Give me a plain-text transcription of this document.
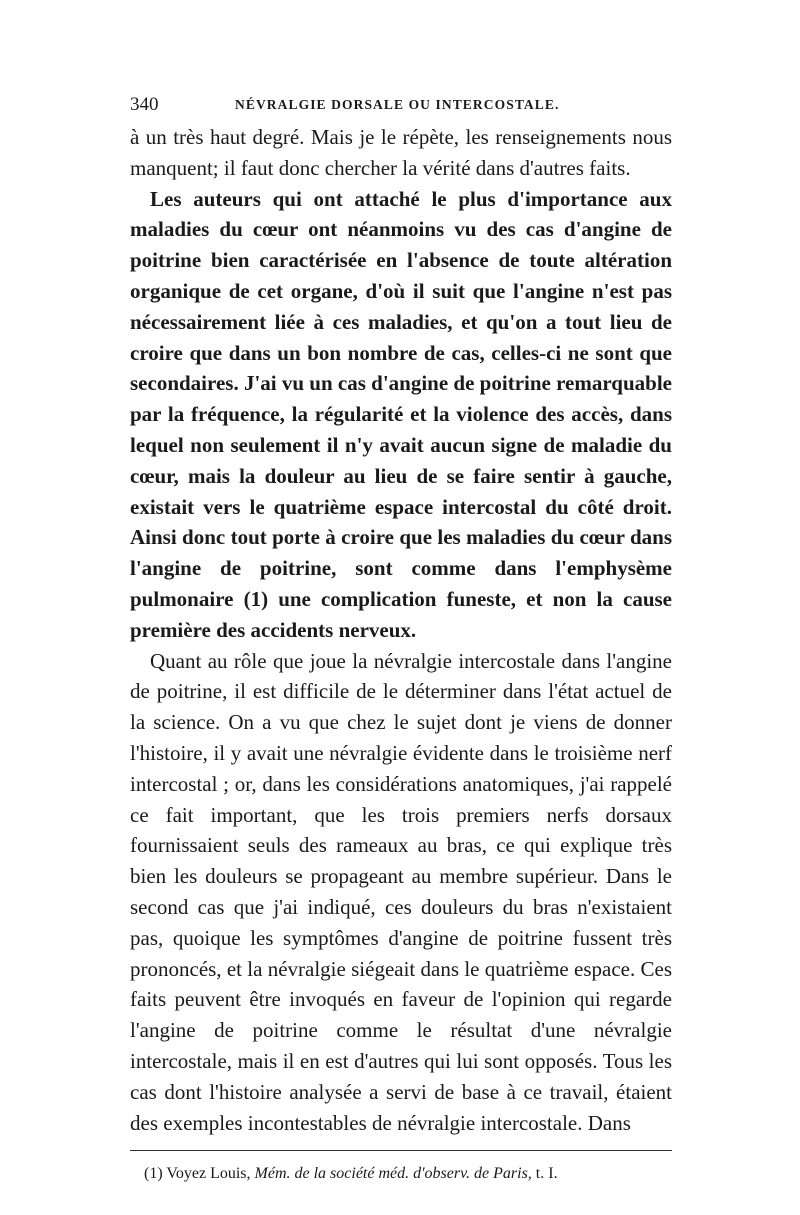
340	NÉVRALGIE DORSALE OU INTERCOSTALE.

à un très haut degré. Mais je le répète, les renseignements nous manquent; il faut donc chercher la vérité dans d'autres faits.

Les auteurs qui ont attaché le plus d'importance aux maladies du cœur ont néanmoins vu des cas d'angine de poitrine bien caractérisée en l'absence de toute altération organique de cet organe, d'où il suit que l'angine n'est pas nécessairement liée à ces maladies, et qu'on a tout lieu de croire que dans un bon nombre de cas, celles-ci ne sont que secondaires. J'ai vu un cas d'angine de poitrine remarquable par la fréquence, la régularité et la violence des accès, dans lequel non seulement il n'y avait aucun signe de maladie du cœur, mais la douleur au lieu de se faire sentir à gauche, existait vers le quatrième espace intercostal du côté droit. Ainsi donc tout porte à croire que les maladies du cœur dans l'angine de poitrine, sont comme dans l'emphysème pulmonaire (1) une complication funeste, et non la cause première des accidents nerveux.

Quant au rôle que joue la névralgie intercostale dans l'angine de poitrine, il est difficile de le déterminer dans l'état actuel de la science. On a vu que chez le sujet dont je viens de donner l'histoire, il y avait une névralgie évidente dans le troisième nerf intercostal ; or, dans les considérations anatomiques, j'ai rappelé ce fait important, que les trois premiers nerfs dorsaux fournissaient seuls des rameaux au bras, ce qui explique très bien les douleurs se propageant au membre supérieur. Dans le second cas que j'ai indiqué, ces douleurs du bras n'existaient pas, quoique les symptômes d'angine de poitrine fussent très prononcés, et la névralgie siégeait dans le quatrième espace. Ces faits peuvent être invoqués en faveur de l'opinion qui regarde l'angine de poitrine comme le résultat d'une névralgie intercostale, mais il en est d'autres qui lui sont opposés. Tous les cas dont l'histoire analysée a servi de base à ce travail, étaient des exemples incontestables de névralgie intercostale. Dans

(1) Voyez Louis, Mém. de la société méd. d'observ. de Paris, t. I.
